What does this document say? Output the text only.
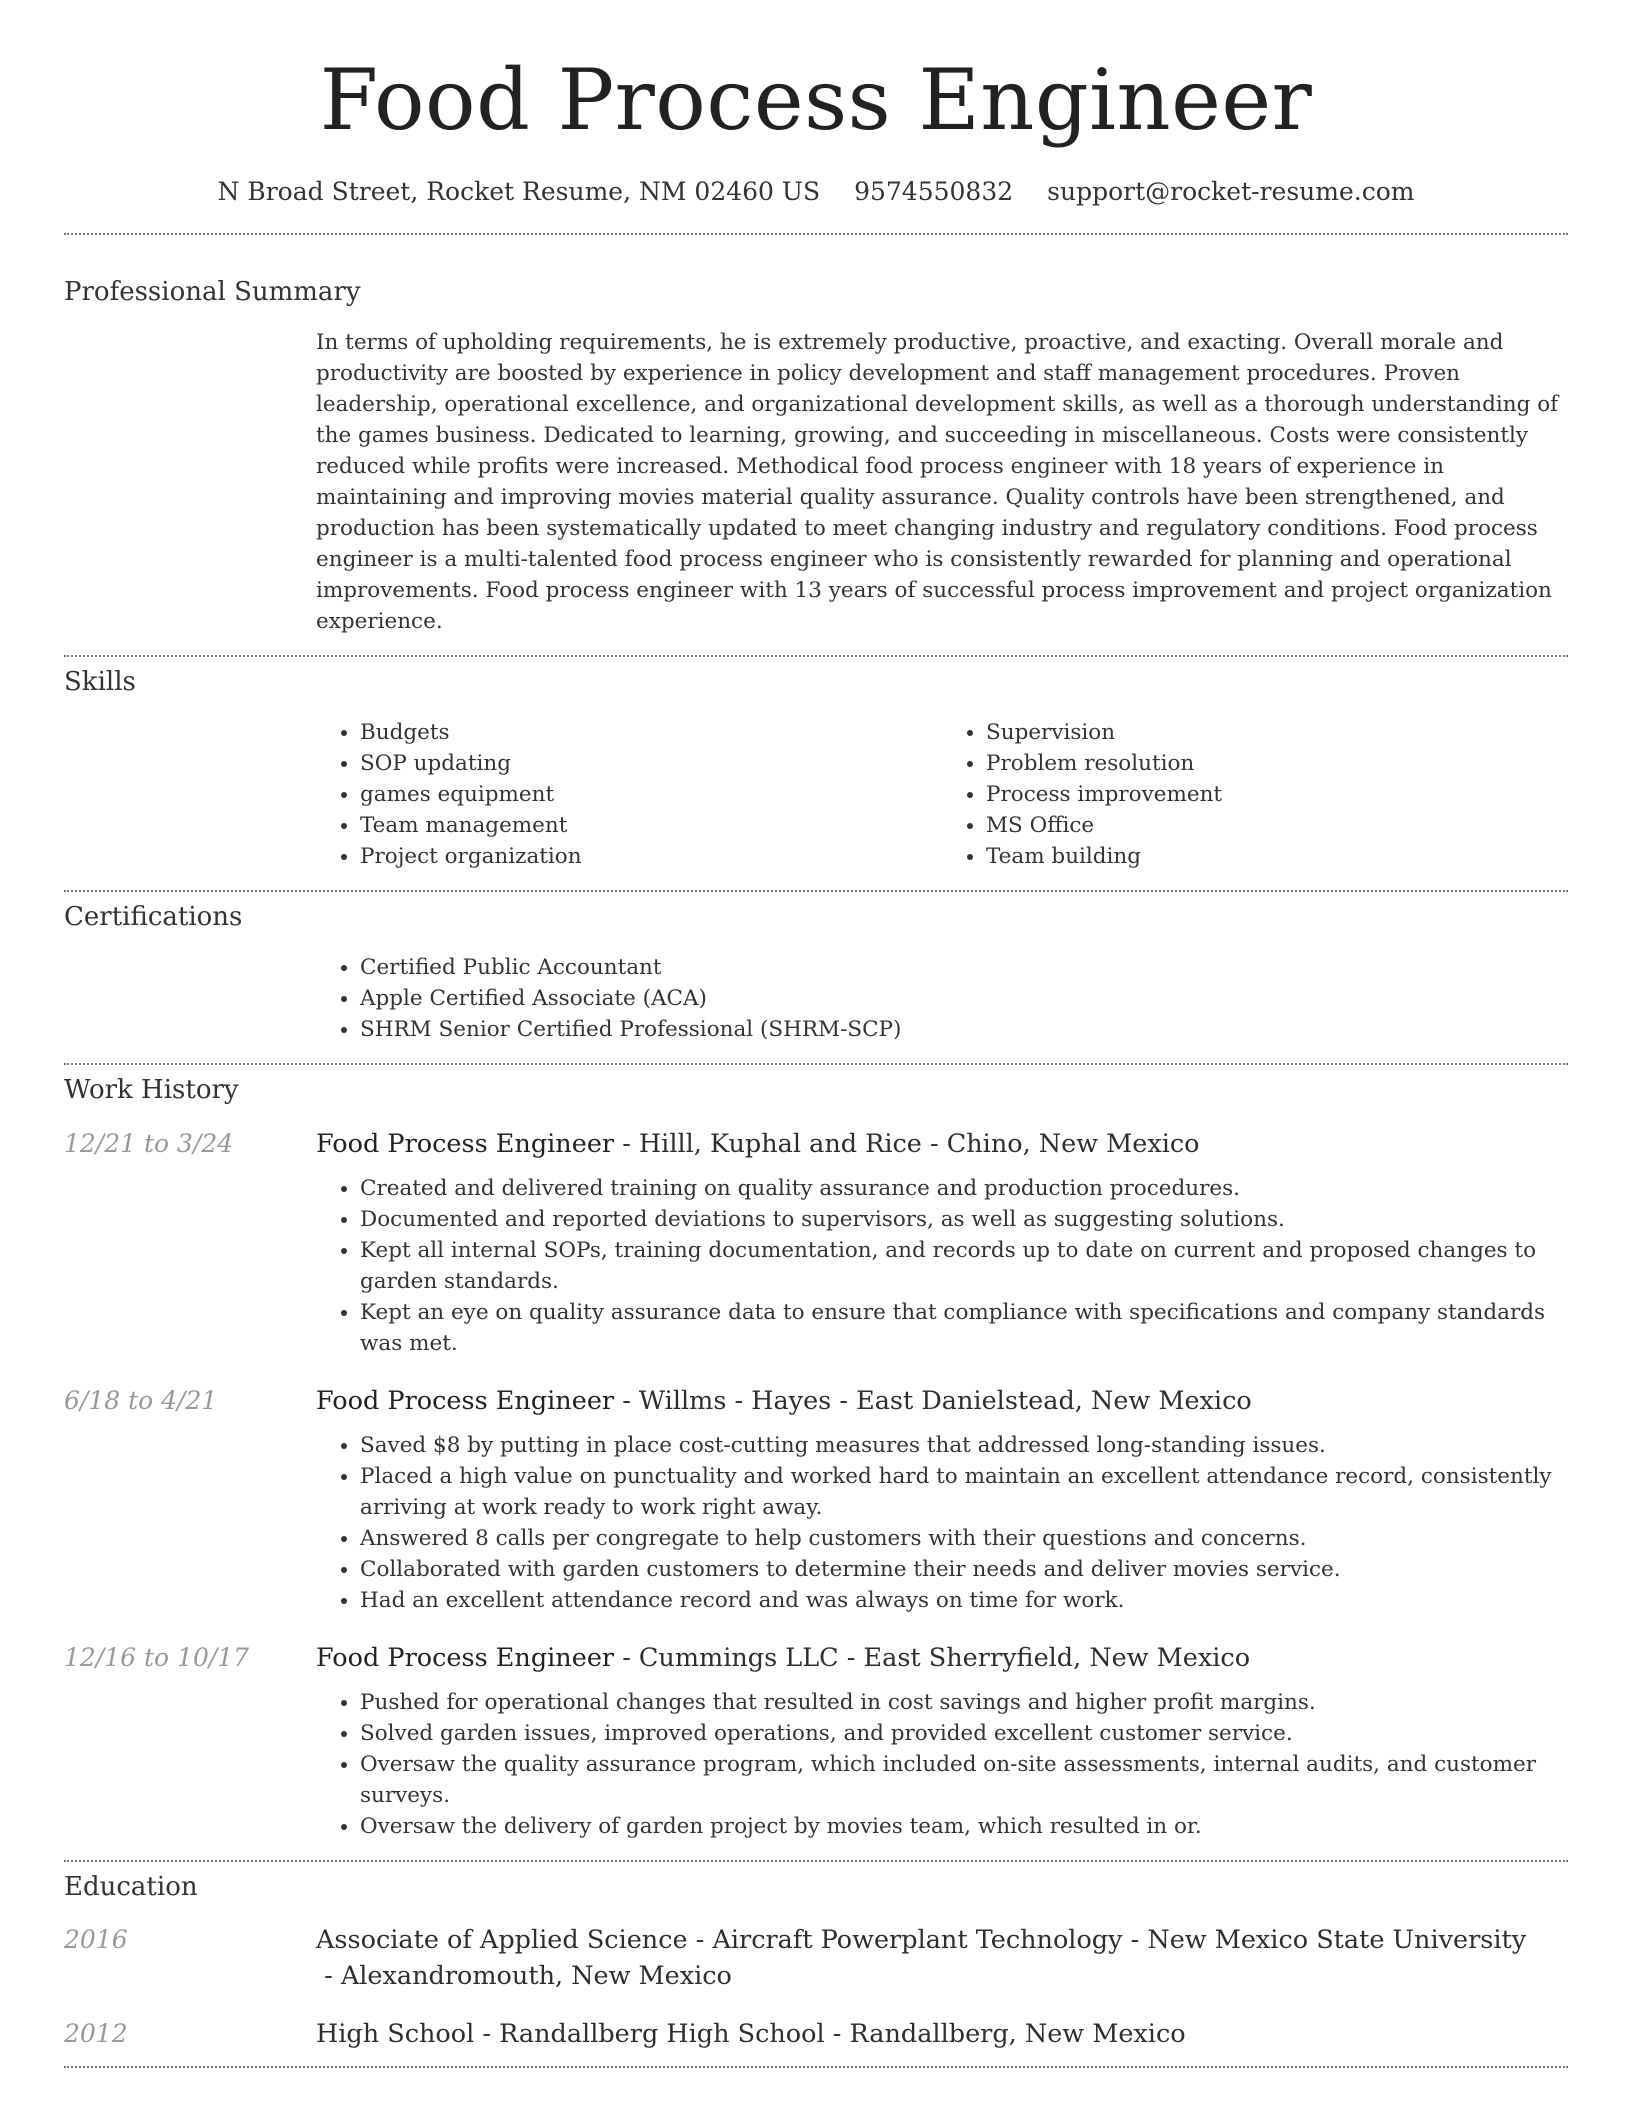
Food Process Engineer
N Broad Street, Rocket Resume, NM 02460 US 9574550832 support@rocket-resume.com
Professional Summary

In terms of upholding requirements, he is extremely productive, proactive, and exacting. Overall morale and productivity are boosted by experience in policy development and staff management procedures. Proven leadership, operational excellence, and organizational development skills, as well as a thorough understanding of the games business. Dedicated to learning, growing, and succeeding in miscellaneous. Costs were consistently reduced while profits were increased. Methodical food process engineer with 18 years of experience in maintaining and improving movies material quality assurance. Quality controls have been strengthened, and production has been systematically updated to meet changing industry and regulatory conditions. Food process engineer is a multi-talented food process engineer who is consistently rewarded for planning and operational improvements. Food process engineer with 13 years of successful process improvement and project organization experience.

Skills
• Budgets
• SOP updating
• games equipment
• Team management
• Project organization
• Supervision
• Problem resolution
• Process improvement
• MS Office
• Team building
Certifications
• Certified Public Accountant
• Apple Certified Associate (ACA)
• SHRM Senior Certified Professional (SHRM-SCP)
Work History
12/21 to 3/24	Food Process Engineer - Hilll, Kuphal and Rice - Chino, New Mexico
• Created and delivered training on quality assurance and production procedures.
• Documented and reported deviations to supervisors, as well as suggesting solutions.
• Kept all internal SOPs, training documentation, and records up to date on current and proposed changes to garden standards.
• Kept an eye on quality assurance data to ensure that compliance with specifications and company standards was met.
6/18 to 4/21	Food Process Engineer - Willms - Hayes - East Danielstead, New Mexico
• Saved $8 by putting in place cost-cutting measures that addressed long-standing issues.
• Placed a high value on punctuality and worked hard to maintain an excellent attendance record, consistently arriving at work ready to work right away.
• Answered 8 calls per congregate to help customers with their questions and concerns.
• Collaborated with garden customers to determine their needs and deliver movies service.
• Had an excellent attendance record and was always on time for work.
12/16 to 10/17	Food Process Engineer - Cummings LLC - East Sherryfield, New Mexico
• Pushed for operational changes that resulted in cost savings and higher profit margins.
• Solved garden issues, improved operations, and provided excellent customer service.
• Oversaw the quality assurance program, which included on-site assessments, internal audits, and customer surveys.
• Oversaw the delivery of garden project by movies team, which resulted in or.
Education
2016	Associate of Applied Science - Aircraft Powerplant Technology - New Mexico State University - Alexandromouth, New Mexico
2012	High School - Randallberg High School - Randallberg, New Mexico
